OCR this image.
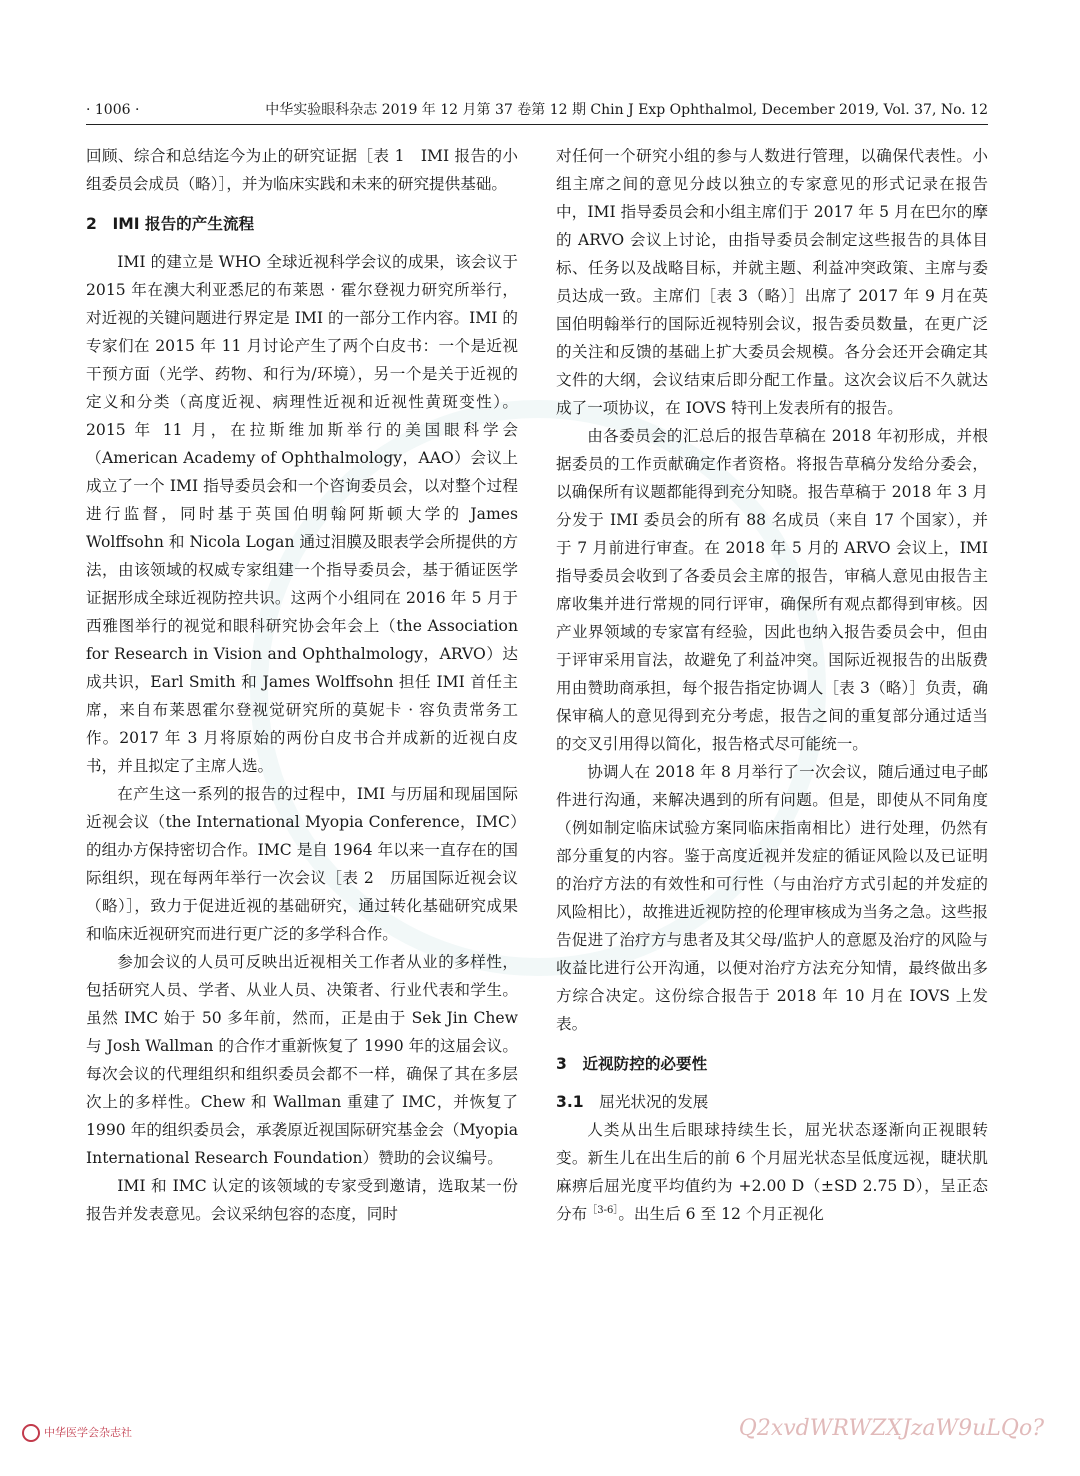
· 1006 ·	中华实验眼科杂志 2019 年 12 月第 37 卷第 12 期 Chin J Exp Ophthalmol, December 2019, Vol. 37, No. 12

回顾、综合和总结迄今为止的研究证据［表 1　IMI 报告的小组委员会成员（略）］，并为临床实践和未来的研究提供基础。

2　IMI 报告的产生流程

IMI 的建立是 WHO 全球近视科学会议的成果，该会议于 2015 年在澳大利亚悉尼的布莱恩 · 霍尔登视力研究所举行，对近视的关键问题进行界定是 IMI 的一部分工作内容。IMI 的专家们在 2015 年 11 月讨论产生了两个白皮书：一个是近视干预方面（光学、药物、和行为/环境），另一个是关于近视的定义和分类（高度近视、病理性近视和近视性黄斑变性）。2015 年 11 月，在拉斯维加斯举行的美国眼科学会（American Academy of Ophthalmology，AAO）会议上成立了一个 IMI 指导委员会和一个咨询委员会，以对整个过程进行监督，同时基于英国伯明翰阿斯顿大学的 James Wolffsohn 和 Nicola Logan 通过泪膜及眼表学会所提供的方法，由该领域的权威专家组建一个指导委员会，基于循证医学证据形成全球近视防控共识。这两个小组同在 2016 年 5 月于西雅图举行的视觉和眼科研究协会年会上（the Association for Research in Vision and Ophthalmology，ARVO）达成共识，Earl Smith 和 James Wolffsohn 担任 IMI 首任主席，来自布莱恩霍尔登视觉研究所的莫妮卡 · 容负责常务工作。2017 年 3 月将原始的两份白皮书合并成新的近视白皮书，并且拟定了主席人选。

在产生这一系列的报告的过程中，IMI 与历届和现届国际近视会议（the International Myopia Conference，IMC）的组办方保持密切合作。IMC 是自 1964 年以来一直存在的国际组织，现在每两年举行一次会议［表 2　历届国际近视会议（略）］，致力于促进近视的基础研究，通过转化基础研究成果和临床近视研究而进行更广泛的多学科合作。

参加会议的人员可反映出近视相关工作者从业的多样性，包括研究人员、学者、从业人员、决策者、行业代表和学生。虽然 IMC 始于 50 多年前，然而，正是由于 Sek Jin Chew 与 Josh Wallman 的合作才重新恢复了 1990 年的这届会议。每次会议的代理组织和组织委员会都不一样，确保了其在多层次上的多样性。Chew 和 Wallman 重建了 IMC，并恢复了 1990 年的组织委员会，承袭原近视国际研究基金会（Myopia International Research Foundation）赞助的会议编号。

IMI 和 IMC 认定的该领域的专家受到邀请，选取某一份报告并发表意见。会议采纳包容的态度，同时

对任何一个研究小组的参与人数进行管理，以确保代表性。小组主席之间的意见分歧以独立的专家意见的形式记录在报告中，IMI 指导委员会和小组主席们于 2017 年 5 月在巴尔的摩的 ARVO 会议上讨论，由指导委员会制定这些报告的具体目标、任务以及战略目标，并就主题、利益冲突政策、主席与委员达成一致。主席们［表 3（略）］出席了 2017 年 9 月在英国伯明翰举行的国际近视特别会议，报告委员数量，在更广泛的关注和反馈的基础上扩大委员会规模。各分会还开会确定其文件的大纲，会议结束后即分配工作量。这次会议后不久就达成了一项协议，在 IOVS 特刊上发表所有的报告。

由各委员会的汇总后的报告草稿在 2018 年初形成，并根据委员的工作贡献确定作者资格。将报告草稿分发给分委会，以确保所有议题都能得到充分知晓。报告草稿于 2018 年 3 月分发于 IMI 委员会的所有 88 名成员（来自 17 个国家），并于 7 月前进行审查。在 2018 年 5 月的 ARVO 会议上，IMI 指导委员会收到了各委员会主席的报告，审稿人意见由报告主席收集并进行常规的同行评审，确保所有观点都得到审核。因产业界领域的专家富有经验，因此也纳入报告委员会中，但由于评审采用盲法，故避免了利益冲突。国际近视报告的出版费用由赞助商承担，每个报告指定协调人［表 3（略）］负责，确保审稿人的意见得到充分考虑，报告之间的重复部分通过适当的交叉引用得以简化，报告格式尽可能统一。

协调人在 2018 年 8 月举行了一次会议，随后通过电子邮件进行沟通，来解决遇到的所有问题。但是，即使从不同角度（例如制定临床试验方案同临床指南相比）进行处理，仍然有部分重复的内容。鉴于高度近视并发症的循证风险以及已证明的治疗方法的有效性和可行性（与由治疗方式引起的并发症的风险相比），故推进近视防控的伦理审核成为当务之急。这些报告促进了治疗方与患者及其父母/监护人的意愿及治疗的风险与收益比进行公开沟通，以便对治疗方法充分知情，最终做出多方综合决定。这份综合报告于 2018 年 10 月在 IOVS 上发表。

3　近视防控的必要性
3.1　屈光状况的发展

人类从出生后眼球持续生长，屈光状态逐渐向正视眼转变。新生儿在出生后的前 6 个月屈光状态呈低度远视，睫状肌麻痹后屈光度平均值约为 +2.00 D（±SD 2.75 D），呈正态分布$^{[3-6]}$。出生后 6 至 12 个月正视化

中华医学会杂志社	Q2xvdWRWZXJzaW9uLQo?
